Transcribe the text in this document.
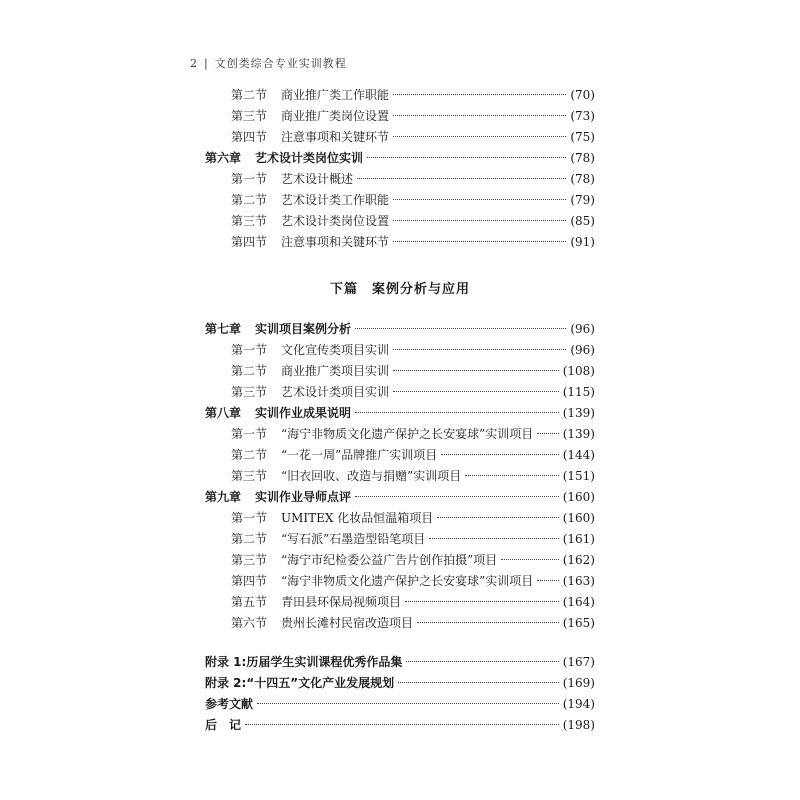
2 | 文创类综合专业实训教程
第二节 商业推广类工作职能	(70)
第三节 商业推广类岗位设置	(73)
第四节 注意事项和关键环节	(75)
第六章 艺术设计类岗位实训	(78)
第一节 艺术设计概述	(78)
第二节 艺术设计类工作职能	(79)
第三节 艺术设计类岗位设置	(85)
第四节 注意事项和关键环节	(91)
下篇 案例分析与应用
第七章 实训项目案例分析	(96)
第一节 文化宣传类项目实训	(96)
第二节 商业推广类项目实训	(108)
第三节 艺术设计类项目实训	(115)
第八章 实训作业成果说明	(139)
第一节 “海宁非物质文化遗产保护之长安宴球”实训项目 (139)
第二节 “一花一周”品牌推广实训项目	(144)
第三节 “旧衣回收、改造与捐赠”实训项目	(151)
第九章 实训作业导师点评	(160)
第一节 UMITEX 化妆品恒温箱项目	(160)
第二节 “写石派”石墨造型铅笔项目	(161)
第三节 “海宁市纪检委公益广告片创作拍摄”项目	(162)
第四节 “海宁非物质文化遗产保护之长安宴球”实训项目 (163)
第五节 青田县环保局视频项目	(164)
第六节 贵州长滩村民宿改造项目	(165)
附录 1:历届学生实训课程优秀作品集	(167)
附录 2:“十四五”文化产业发展规划	(169)
参考文献	(194)
后　记	(198)
